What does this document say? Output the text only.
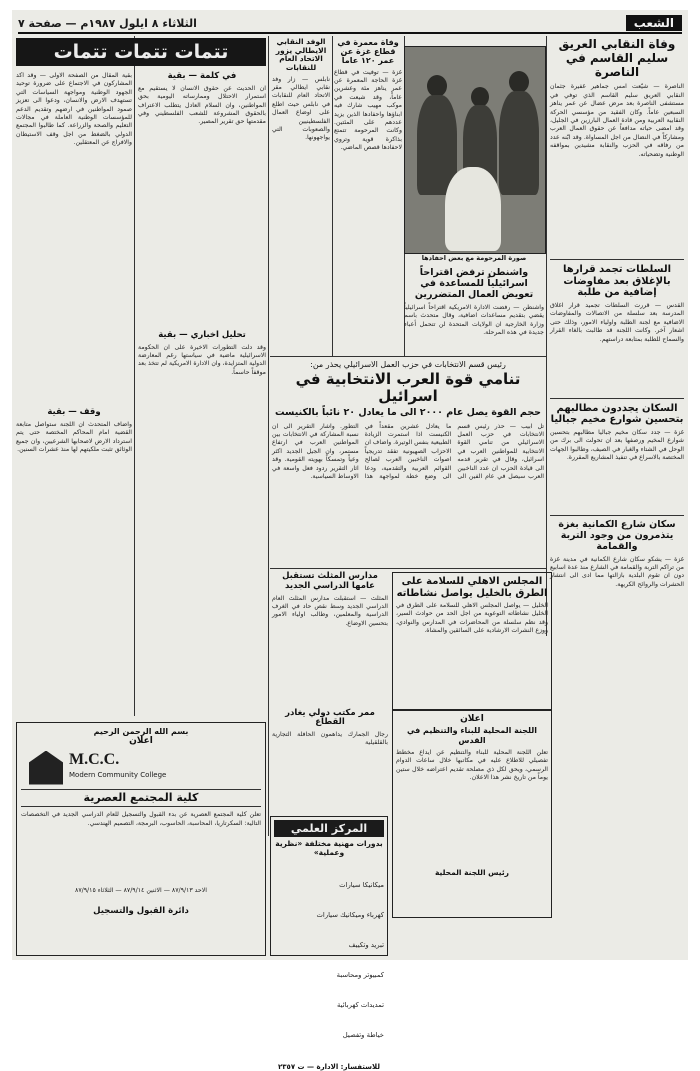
الشعب
الثلاثاء ٨ ايلول ١٩٨٧م — صفحة ٧
وفاة النقابي العريق سليم القاسم في الناصرة
الناصرة — شيّعت امس جماهير غفيرة جثمان النقابي العريق سليم القاسم الذي توفي في مستشفى الناصرة بعد مرض عضال عن عمر يناهز السبعين عاماً. وكان الفقيد من مؤسسي الحركة النقابية العربية ومن قادة العمال البارزين في الجليل، وقد امضى حياته مدافعاً عن حقوق العمال العرب ومشاركاً في النضال من اجل المساواة. وقد ابّنه عدد من رفاقه في الحزب والنقابة مشيدين بمواقفه الوطنية وتضحياته.
السلطات تجمد قرارها بالإغلاق بعد مفاوضات إضافية من طلبة
القدس — قررت السلطات تجميد قرار اغلاق المدرسة بعد سلسلة من الاتصالات والمفاوضات الاضافية مع لجنة الطلبة واولياء الامور، وذلك حتى اشعار آخر. وكانت اللجنة قد طالبت بالغاء القرار والسماح للطلبة بمتابعة دراستهم.
السكان يجددون مطالبهم بتحسين شوارع مخيم جباليا
غزة — جدد سكان مخيم جباليا مطالبهم بتحسين شوارع المخيم ورصفها بعد ان تحولت الى برك من الوحل في الشتاء والغبار في الصيف، وطالبوا الجهات المختصة بالاسراع في تنفيذ المشاريع المقررة.
سكان شارع الكمانية بغزة يتذمرون من وجود التربة والقمامة
غزة — يشكو سكان شارع الكمانية في مدينة غزة من تراكم التربة والقمامة في الشارع منذ عدة اسابيع دون ان تقوم البلدية بازالتها مما ادى الى انتشار الحشرات والروائح الكريهة.
صورة المرحومة مع بعض احفادها
وفاة معمرة في قطاع غزة عن عمر ١٢٠ عاماً
غزة — توفيت في قطاع غزة الحاجة المعمرة عن عمر يناهز مئة وعشرين عاماً، وقد شيعت في موكب مهيب شارك فيه ابناؤها واحفادها الذين يزيد عددهم على المئتين. وكانت المرحومة تتمتع بذاكرة قوية وتروي لاحفادها قصص الماضي.
واشنطن ترفض اقتراحاً اسرائيلياً للمساعدة في تعويض العمال المتضررين
واشنطن — رفضت الادارة الامريكية اقتراحاً اسرائيلياً يقضي بتقديم مساعدات اضافية، وقال متحدث باسم وزارة الخارجية ان الولايات المتحدة لن تتحمل أعباء جديدة في هذه المرحلة.
الوفد النقابي الايطالي يزور الاتحاد العام للنقابات
نابلس — زار وفد نقابي ايطالي مقر الاتحاد العام للنقابات في نابلس حيث اطلع على اوضاع العمال الفلسطينيين والصعوبات التي يواجهونها.
رئيس قسم الانتخابات في حزب العمل الاسرائيلي يحذر من:
تنامي قوة العرب الانتخابية في اسرائيل
حجم القوة يصل عام ٢٠٠٠ الى ما يعادل ٢٠ نائباً بالكنيست
تل ابيب — حذر رئيس قسم الانتخابات في حزب العمل الاسرائيلي من تنامي القوة الانتخابية للمواطنين العرب في اسرائيل، وقال في تقرير قدمه الى قيادة الحزب ان عدد الناخبين العرب سيصل في عام الفين الى ما يعادل عشرين مقعداً في الكنيست اذا استمرت الزيادة الطبيعية بنفس الوتيرة. واضاف ان الاحزاب الصهيونية تفقد تدريجياً اصوات الناخبين العرب لصالح القوائم العربية والتقدمية، ودعا الى وضع خطة لمواجهة هذا التطور. واشار التقرير الى ان نسبة المشاركة في الانتخابات بين المواطنين العرب في ارتفاع مستمر، وان الجيل الجديد اكثر وعياً وتمسكاً بهويته القومية. وقد اثار التقرير ردود فعل واسعة في الاوساط السياسية.
المجلس الاهلي للسلامة على الطرق بالخليل يواصل نشاطاته
الخليل — يواصل المجلس الاهلي للسلامة على الطرق في الخليل نشاطاته التوعوية من اجل الحد من حوادث السير، وقد نظم سلسلة من المحاضرات في المدارس والنوادي، ووزع النشرات الارشادية على السائقين والمشاة.
مدارس المثلث تستقبل عامها الدراسي الجديد
المثلث — استقبلت مدارس المثلث العام الدراسي الجديد وسط نقص حاد في الغرف الدراسية والمعلمين، وطالب اولياء الامور بتحسين الاوضاع.
ممر مكتب دولي يغادر القطاع
رجال الجمارك يداهمون الحافلة التجارية بالقلقيلية
اعلان
اللجنة المحلية للبناء والتنظيم في القدس
تعلن اللجنة المحلية للبناء والتنظيم عن ايداع مخطط تفصيلي للاطلاع عليه في مكاتبها خلال ساعات الدوام الرسمي، ويحق لكل ذي مصلحة تقديم اعتراضه خلال ستين يوماً من تاريخ نشر هذا الاعلان.
رئيس اللجنة المحلية
تتمات تتمات تتمات
في كلمة — بقية
ان الحديث عن حقوق الانسان لا يستقيم مع استمرار الاحتلال وممارساته اليومية بحق المواطنين، وان السلام العادل يتطلب الاعتراف بالحقوق المشروعة للشعب الفلسطيني وفي مقدمتها حق تقرير المصير.
تحليل اخباري — بقية
وقد دلت التطورات الاخيرة على ان الحكومة الاسرائيلية ماضية في سياستها رغم المعارضة الدولية المتزايدة، وان الادارة الامريكية لم تتخذ بعد موقفاً حاسماً.
بقية المقال من الصفحة الاولى — وقد اكد المشاركون في الاجتماع على ضرورة توحيد الجهود الوطنية ومواجهة السياسات التي تستهدف الارض والانسان، ودعوا الى تعزيز صمود المواطنين في ارضهم وتقديم الدعم للمؤسسات الوطنية العاملة في مجالات التعليم والصحة والزراعة. كما طالبوا المجتمع الدولي بالضغط من اجل وقف الاستيطان والافراج عن المعتقلين.
وقف — بقية
واضاف المتحدث ان اللجنة ستواصل متابعة القضية امام المحاكم المختصة حتى يتم استرداد الارض لاصحابها الشرعيين، وان جميع الوثائق تثبت ملكيتهم لها منذ عشرات السنين.
بسم الله الرحمن الرحيم
اعلان
M.C.C.
Modern Community College
كلية المجتمع العصرية
تعلن كلية المجتمع العصرية عن بدء القبول والتسجيل للعام الدراسي الجديد في التخصصات التالية: السكرتاريا، المحاسبة، الحاسوب، البرمجة، التصميم الهندسي.
الاحد ٨٧/٩/١٣ — الاثنين ٨٧/٩/١٤ — الثلاثاء ٨٧/٩/١٥
دائرة القبول والتسجيل
المركز العلمي
بدورات مهنية مختلفة «نظرية وعملية»

ميكانيكا سيارات

كهرباء وميكانيك سيارات

تبريد وتكييف

كمبيوتر ومحاسبة

تمديدات كهربائية

خياطة وتفصيل

للاستفسار: الادارة — ت ٢٣٥٧
